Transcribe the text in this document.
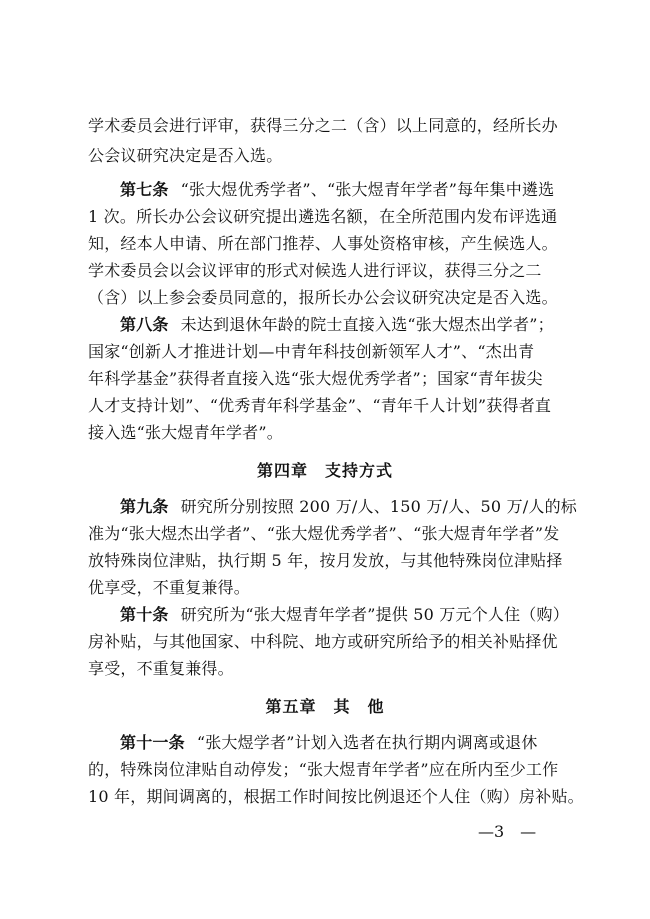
学术委员会进行评审，获得三分之二（含）以上同意的，经所长办
公会议研究决定是否入选。
第七条 “张大煜优秀学者”、“张大煜青年学者”每年集中遴选
1 次。所长办公会议研究提出遴选名额，在全所范围内发布评选通
知，经本人申请、所在部门推荐、人事处资格审核，产生候选人。
学术委员会以会议评审的形式对候选人进行评议，获得三分之二
（含）以上参会委员同意的，报所长办公会议研究决定是否入选。
第八条 未达到退休年龄的院士直接入选“张大煜杰出学者”；
国家“创新人才推进计划—中青年科技创新领军人才”、“杰出青
年科学基金”获得者直接入选“张大煜优秀学者”；国家“青年拔尖
人才支持计划”、“优秀青年科学基金”、“青年千人计划”获得者直
接入选“张大煜青年学者”。
第四章　支持方式
第九条 研究所分别按照 200 万/人、150 万/人、50 万/人的标
准为“张大煜杰出学者”、“张大煜优秀学者”、“张大煜青年学者”发
放特殊岗位津贴，执行期 5 年，按月发放，与其他特殊岗位津贴择
优享受，不重复兼得。
第十条 研究所为“张大煜青年学者”提供 50 万元个人住（购）
房补贴，与其他国家、中科院、地方或研究所给予的相关补贴择优
享受，不重复兼得。
第五章　其　他
—3　—
第十一条 “张大煜学者”计划入选者在执行期内调离或退休
的，特殊岗位津贴自动停发；“张大煜青年学者”应在所内至少工作
10 年，期间调离的，根据工作时间按比例退还个人住（购）房补贴。
